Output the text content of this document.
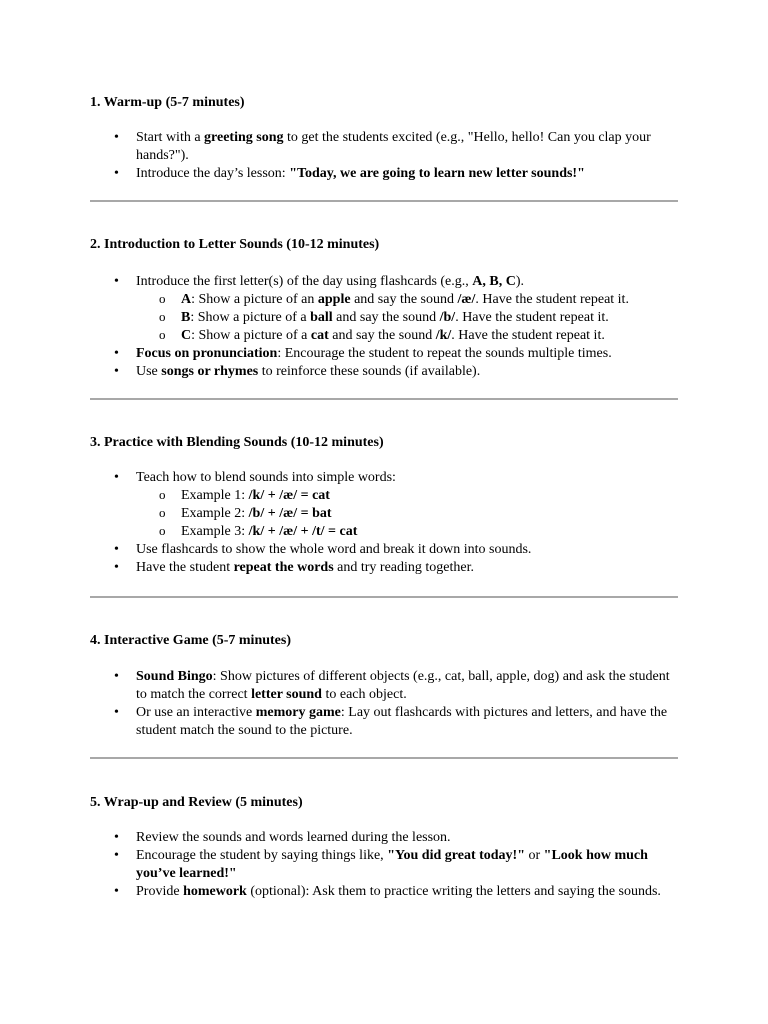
1. Warm-up (5-7 minutes)
• Start with a greeting song to get the students excited (e.g., "Hello, hello! Can you clap your hands?").
• Introduce the day’s lesson: "Today, we are going to learn new letter sounds!"
2. Introduction to Letter Sounds (10-12 minutes)
• Introduce the first letter(s) of the day using flashcards (e.g., A, B, C).
o A: Show a picture of an apple and say the sound /æ/. Have the student repeat it.
o B: Show a picture of a ball and say the sound /b/. Have the student repeat it.
o C: Show a picture of a cat and say the sound /k/. Have the student repeat it.
• Focus on pronunciation: Encourage the student to repeat the sounds multiple times.
• Use songs or rhymes to reinforce these sounds (if available).
3. Practice with Blending Sounds (10-12 minutes)
• Teach how to blend sounds into simple words:
o Example 1: /k/ + /æ/ = cat
o Example 2: /b/ + /æ/ = bat
o Example 3: /k/ + /æ/ + /t/ = cat
• Use flashcards to show the whole word and break it down into sounds.
• Have the student repeat the words and try reading together.
4. Interactive Game (5-7 minutes)
• Sound Bingo: Show pictures of different objects (e.g., cat, ball, apple, dog) and ask the student to match the correct letter sound to each object.
• Or use an interactive memory game: Lay out flashcards with pictures and letters, and have the student match the sound to the picture.
5. Wrap-up and Review (5 minutes)
• Review the sounds and words learned during the lesson.
• Encourage the student by saying things like, "You did great today!" or "Look how much you’ve learned!"
• Provide homework (optional): Ask them to practice writing the letters and saying the sounds.
